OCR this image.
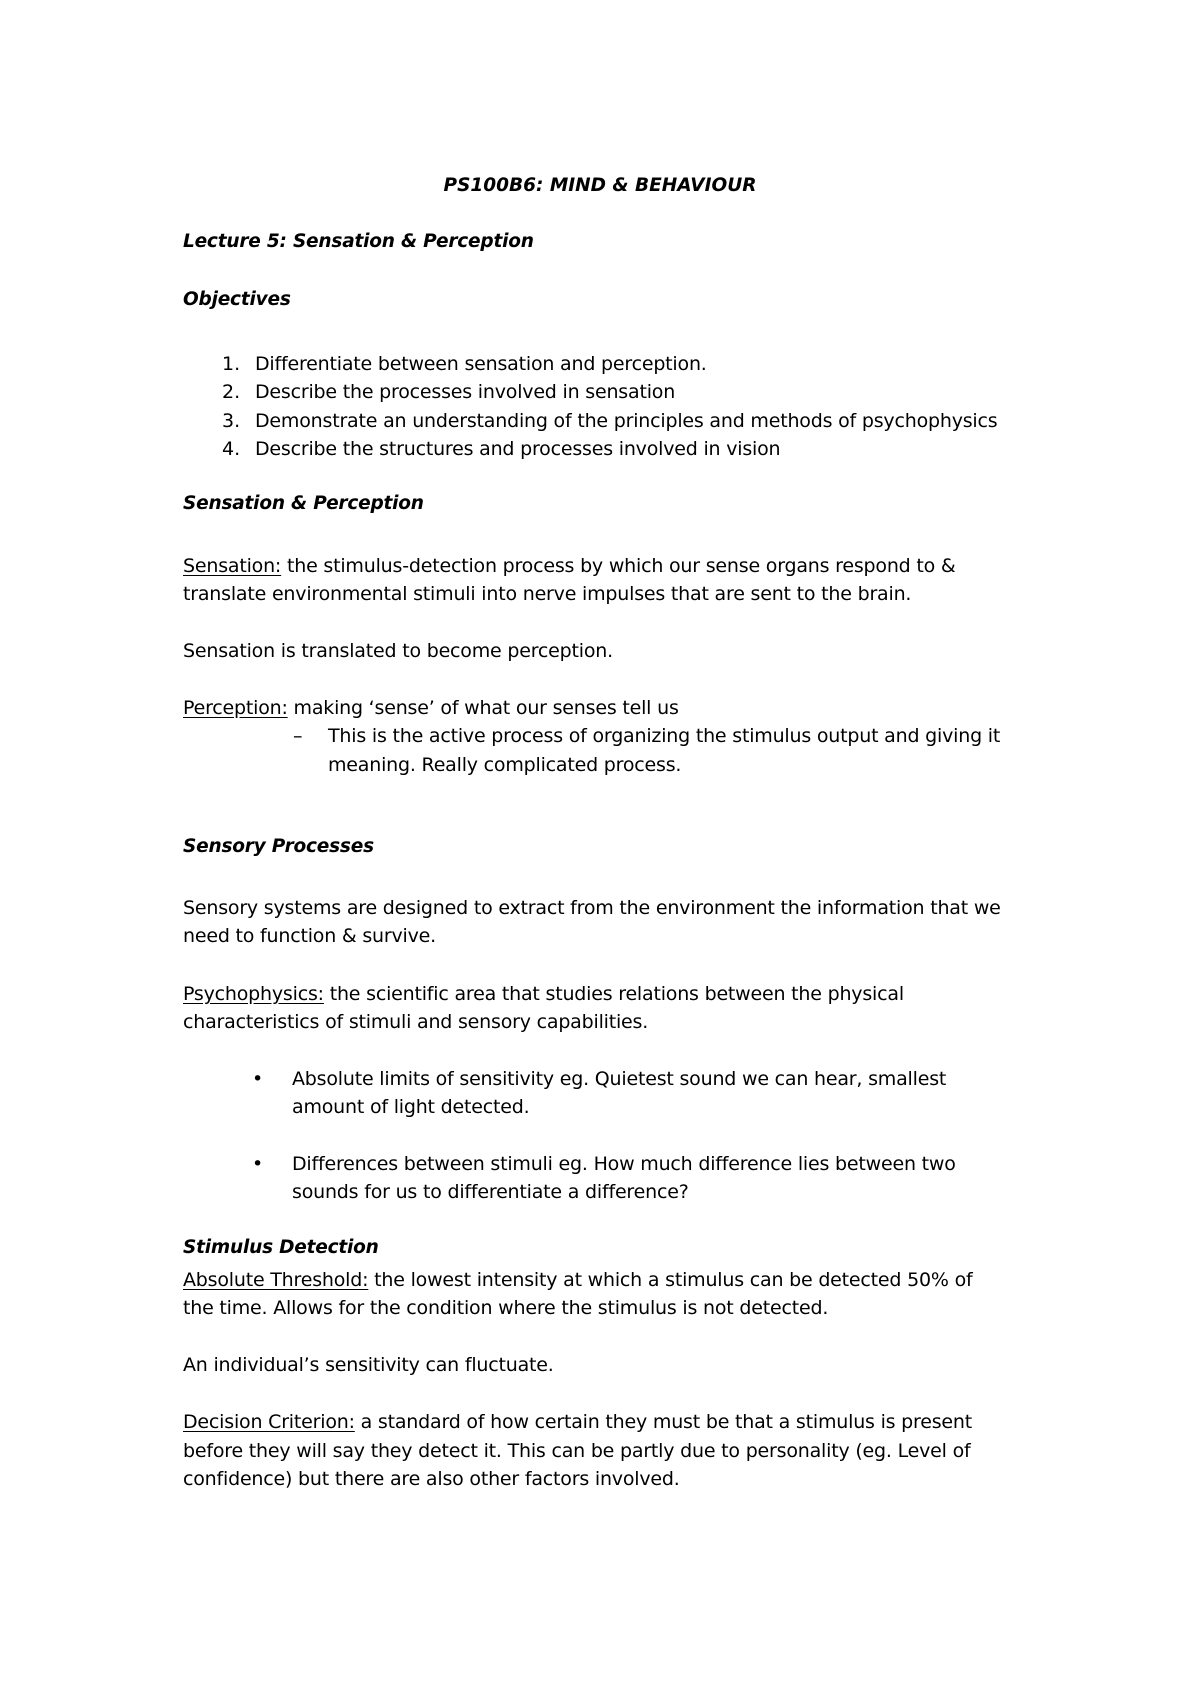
PS100B6: MIND & BEHAVIOUR
Lecture 5: Sensation & Perception
Objectives
1. Differentiate between sensation and perception.
2. Describe the processes involved in sensation
3. Demonstrate an understanding of the principles and methods of psychophysics
4. Describe the structures and processes involved in vision
Sensation & Perception
Sensation: the stimulus-detection process by which our sense organs respond to &
translate environmental stimuli into nerve impulses that are sent to the brain.
Sensation is translated to become perception.
Perception: making ‘sense’ of what our senses tell us
– This is the active process of organizing the stimulus output and giving it
meaning. Really complicated process.
Sensory Processes
Sensory systems are designed to extract from the environment the information that we
need to function & survive.
Psychophysics: the scientific area that studies relations between the physical
characteristics of stimuli and sensory capabilities.
• Absolute limits of sensitivity eg. Quietest sound we can hear, smallest
amount of light detected.
• Differences between stimuli eg. How much difference lies between two
sounds for us to differentiate a difference?
Stimulus Detection
Absolute Threshold: the lowest intensity at which a stimulus can be detected 50% of
the time. Allows for the condition where the stimulus is not detected.
An individual’s sensitivity can fluctuate.
Decision Criterion: a standard of how certain they must be that a stimulus is present
before they will say they detect it. This can be partly due to personality (eg. Level of
confidence) but there are also other factors involved.
